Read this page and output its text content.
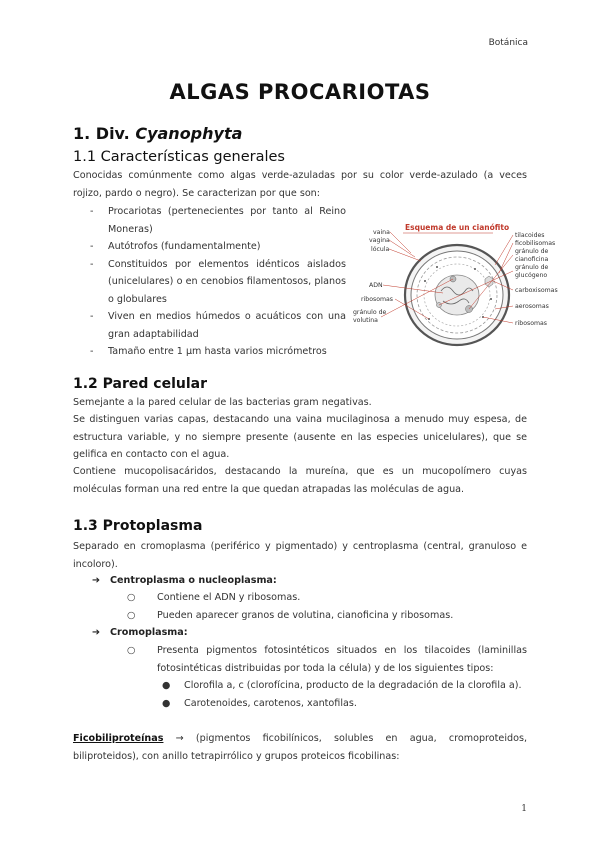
Botánica
ALGAS PROCARIOTAS
1. Div. Cyanophyta
1.1 Características generales

Conocidas comúnmente como algas verde-azuladas por su color verde-azulado (a veces rojizo, pardo o negro). Se caracterizan por que son:

- Procariotas (pertenecientes por tanto al Reino Moneras)
- Autótrofos (fundamentalmente)
- Constituidos por elementos idénticos aislados (unicelulares) o en cenobios filamentosos, planos o globulares
- Viven en medios húmedos o acuáticos con una gran adaptabilidad
- Tamaño entre 1 µm hasta varios micrómetros
Esquema de un cianófito
vaina
vagina
lócula
ADN
ribosomas
gránulo de
volutina
tilacoides
ficobilisomas
gránulo de
cianoficina
gránulo de
glucógeno
carboxisomas
aerosomas
ribosomas
1.2 Pared celular

Semejante a la pared celular de las bacterias gram negativas.

Se distinguen varias capas, destacando una vaina mucilaginosa a menudo muy espesa, de estructura variable, y no siempre presente (ausente en las especies unicelulares), que se gelifica en contacto con el agua.

Contiene mucopolisacáridos, destacando la mureína, que es un mucopolímero cuyas moléculas forman una red entre la que quedan atrapadas las moléculas de agua.

1.3 Protoplasma

Separado en cromoplasma (periférico y pigmentado) y centroplasma (central, granuloso e incoloro).

➔ Centroplasma o nucleoplasma:
○ Contiene el ADN y ribosomas.
○ Pueden aparecer granos de volutina, cianoficina y ribosomas.
➔ Cromoplasma:
○ Presenta pigmentos fotosintéticos situados en los tilacoides (laminillas fotosintéticas distribuidas por toda la célula) y de los siguientes tipos:
● Clorofila a, c (clorofícina, producto de la degradación de la clorofila a).
● Carotenoides, carotenos, xantofilas.

Ficobiliproteínas → (pigmentos ficobilínicos, solubles en agua, cromoproteidos, biliproteidos), con anillo tetrapirrólico y grupos proteicos ficobilinas:

1
